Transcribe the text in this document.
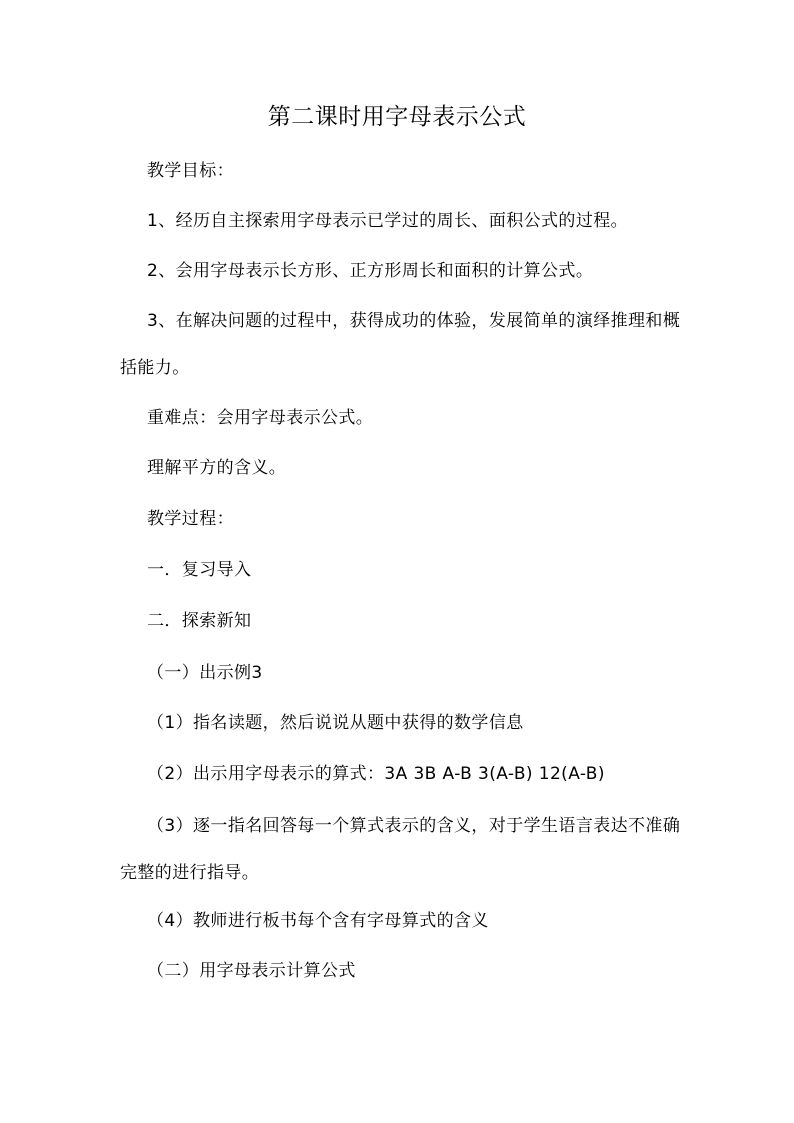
第二课时用字母表示公式

教学目标：

1、经历自主探索用字母表示已学过的周长、面积公式的过程。

2、会用字母表示长方形、正方形周长和面积的计算公式。

3、在解决问题的过程中，获得成功的体验，发展简单的演绎推理和概括能力。

重难点：会用字母表示公式。

理解平方的含义。

教学过程：

一．复习导入

二．探索新知

（一）出示例3

（1）指名读题，然后说说从题中获得的数学信息

（2）出示用字母表示的算式：3A 3B A-B 3(A-B) 12(A-B)

（3）逐一指名回答每一个算式表示的含义，对于学生语言表达不准确完整的进行指导。

（4）教师进行板书每个含有字母算式的含义

（二）用字母表示计算公式
